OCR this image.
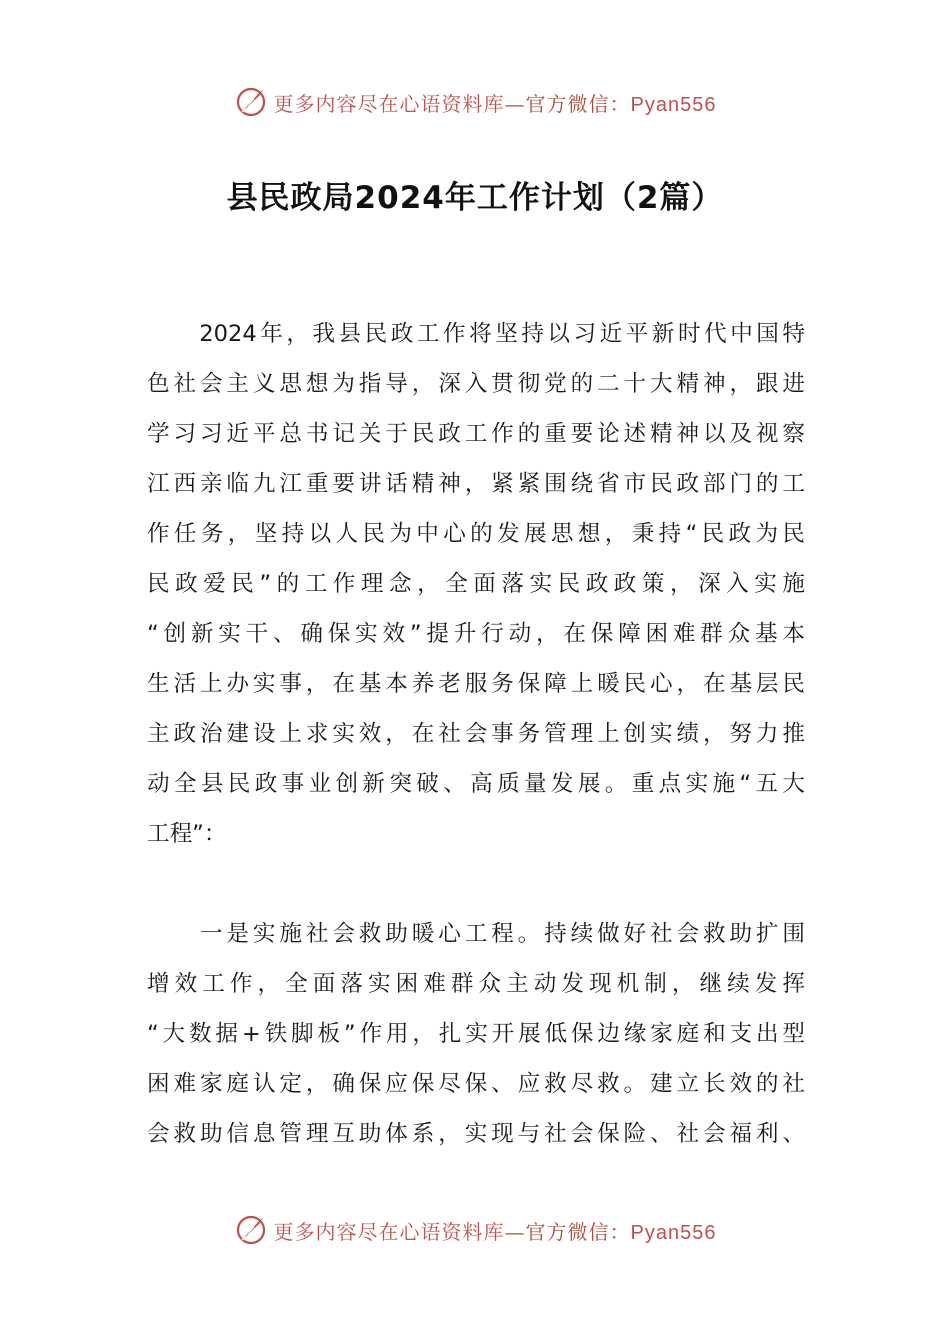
更多内容尽在心语资料库—官方微信：Pyan556
县民政局2024年工作计划（2篇）
　　2024年，我县民政工作将坚持以习近平新时代中国特
色社会主义思想为指导，深入贯彻党的二十大精神，跟进
学习习近平总书记关于民政工作的重要论述精神以及视察
江西亲临九江重要讲话精神，紧紧围绕省市民政部门的工
作任务，坚持以人民为中心的发展思想，秉持“民政为民
民政爱民”的工作理念，全面落实民政政策，深入实施
“创新实干、确保实效”提升行动，在保障困难群众基本
生活上办实事，在基本养老服务保障上暖民心，在基层民
主政治建设上求实效，在社会事务管理上创实绩，努力推
动全县民政事业创新突破、高质量发展。重点实施“五大
工程”：
　　一是实施社会救助暖心工程。持续做好社会救助扩围
增效工作，全面落实困难群众主动发现机制，继续发挥
“大数据+铁脚板”作用，扎实开展低保边缘家庭和支出型
困难家庭认定，确保应保尽保、应救尽救。建立长效的社
会救助信息管理互助体系，实现与社会保险、社会福利、
更多内容尽在心语资料库—官方微信：Pyan556
